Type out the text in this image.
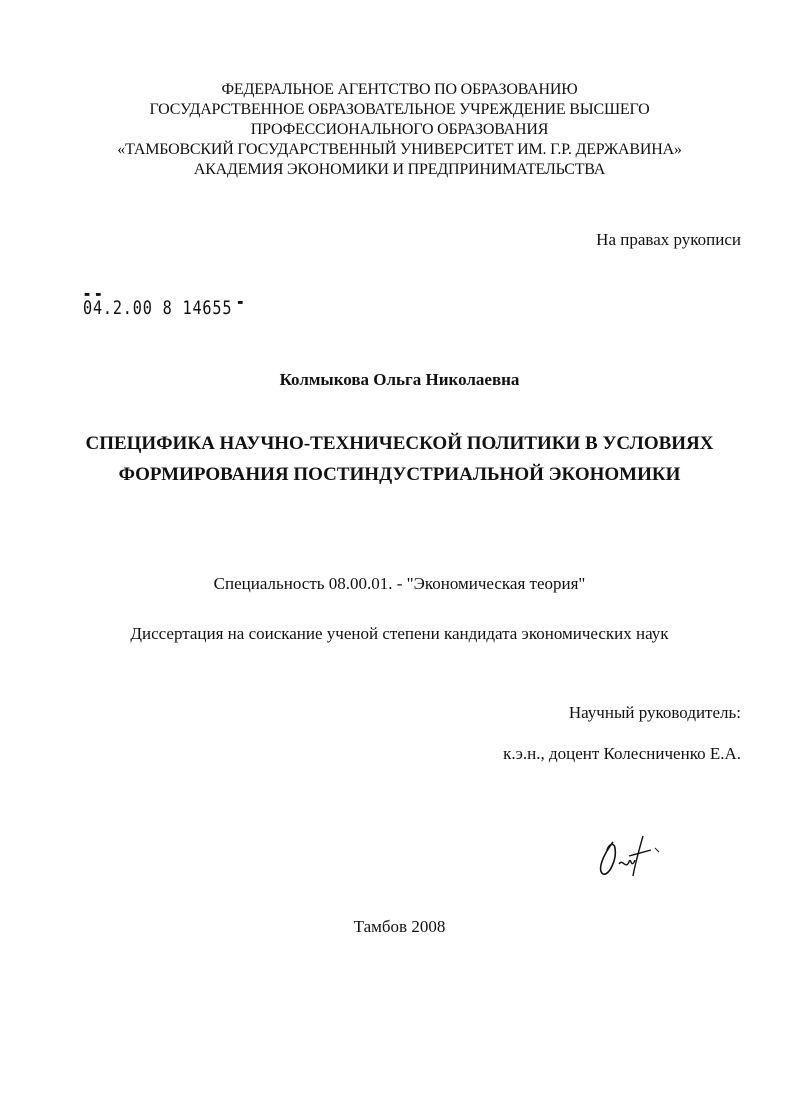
ФЕДЕРАЛЬНОЕ АГЕНТСТВО ПО ОБРАЗОВАНИЮ
ГОСУДАРСТВЕННОЕ ОБРАЗОВАТЕЛЬНОЕ УЧРЕЖДЕНИЕ ВЫСШЕГО
ПРОФЕССИОНАЛЬНОГО ОБРАЗОВАНИЯ
«ТАМБОВСКИЙ ГОСУДАРСТВЕННЫЙ УНИВЕРСИТЕТ ИМ. Г.Р. ДЕРЖАВИНА»
АКАДЕМИЯ ЭКОНОМИКИ И ПРЕДПРИНИМАТЕЛЬСТВА
На правах рукописи
▬ ▬
04.2.00 8 14655 ▬
Колмыкова Ольга Николаевна
СПЕЦИФИКА НАУЧНО-ТЕХНИЧЕСКОЙ ПОЛИТИКИ В УСЛОВИЯХ
ФОРМИРОВАНИЯ ПОСТИНДУСТРИАЛЬНОЙ ЭКОНОМИКИ
Специальность 08.00.01. - "Экономическая теория"
Диссертация на соискание ученой степени кандидата экономических наук
Научный руководитель:
к.э.н., доцент Колесниченко Е.А.
Тамбов 2008
